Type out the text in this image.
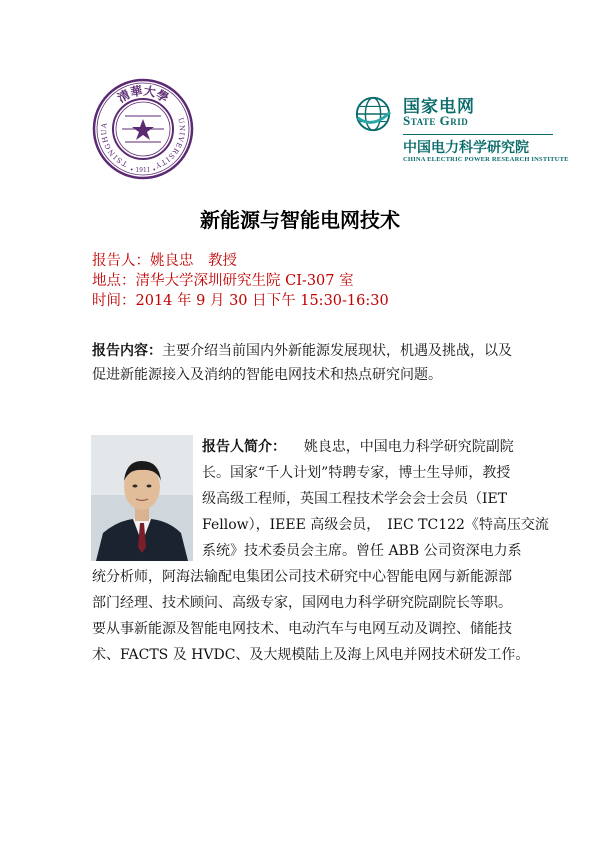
清華大學
TSINGHUA	UNIVERSITY
• 1911 •
国家电网
State Grid
中国电力科学研究院
CHINA ELECTRIC POWER RESEARCH INSTITUTE
新能源与智能电网技术
报告人：姚良忠　教授
地点：清华大学深圳研究生院 CI-307 室
时间：2014 年 9 月 30 日下午 15:30-16:30
报告内容：主要介绍当前国内外新能源发展现状，机遇及挑战，以及促进新能源接入及消纳的智能电网技术和热点研究问题。
报告人简介： 姚良忠，中国电力科学研究院副院
长。国家“千人计划”特聘专家，博士生导师，教授
级高级工程师，英国工程技术学会会士会员（IET
Fellow），IEEE 高级会员，　IEC TC122《特高压交流
系统》技术委员会主席。曾任 ABB 公司资深电力系
统分析师，阿海法输配电集团公司技术研究中心智能电网与新能源部
部门经理、技术顾问、高级专家，国网电力科学研究院副院长等职。
要从事新能源及智能电网技术、电动汽车与电网互动及调控、储能技
术、FACTS 及 HVDC、及大规模陆上及海上风电并网技术研发工作。
